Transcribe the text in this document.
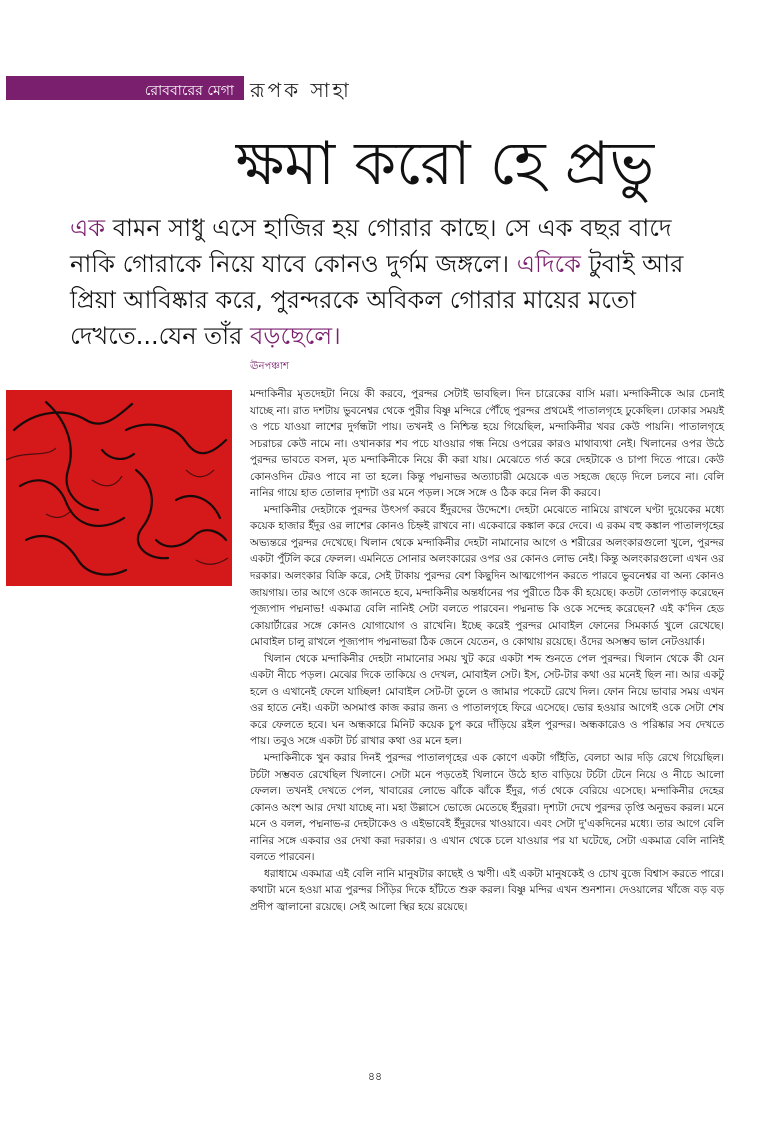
রোববারের মেগা রূপক সাহা
ক্ষমা করো হে প্রভু
এক বামন সাধু এসে হাজির হয় গোরার কাছে। সে এক বছর বাদে নাকি গোরাকে নিয়ে যাবে কোনও দুর্গম জঙ্গলে। এদিকে টুবাই আর প্রিয়া আবিষ্কার করে, পুরন্দরকে অবিকল গোরার মায়ের মতো দেখতে...যেন তাঁর বড়ছেলে।
ঊনপঞ্চাশ

মন্দাকিনীর মৃতদেহটা নিয়ে কী করবে, পুরন্দর সেটাই ভাবছিল। দিন চারেকের বাসি মরা। মন্দাকিনীকে আর চেনাই যাচ্ছে না। রাত দশটায় ভুবনেশ্বর থেকে পুরীর বিষ্ণু মন্দিরে পৌঁছে পুরন্দর প্রথমেই পাতালগৃহে ঢুকেছিল। ঢোকার সময়ই ও পচে যাওয়া লাশের দুর্গন্ধটা পায়। তখনই ও নিশ্চিন্ত হয়ে গিয়েছিল, মন্দাকিনীর খবর কেউ পায়নি। পাতালগৃহে সচরাচর কেউ নামে না। ওখানকার শব পচে যাওয়ার গন্ধ নিয়ে ওপরের কারও মাথাব্যথা নেই। খিলানের ওপর উঠে পুরন্দর ভাবতে বসল, মৃত মন্দাকিনীকে নিয়ে কী করা যায়। মেঝেতে গর্ত করে দেহটাকে ও চাপা দিতে পারে। কেউ কোনওদিন টেরও পাবে না তা হলে। কিন্তু পদ্মনাভর অত্যাচারী মেয়েকে এত সহজে ছেড়ে দিলে চলবে না। বেলি নানির গায়ে হাত তোলার দৃশ্যটা ওর মনে পড়ল। সঙ্গে সঙ্গে ও ঠিক করে নিল কী করবে।

মন্দাকিনীর দেহটাকে পুরন্দর উৎসর্গ করবে ইঁদুরদের উদ্দেশে। দেহটা মেঝেতে নামিয়ে রাখলে ঘণ্টা দুয়েকের মধ্যে কয়েক হাজার ইঁদুর ওর লাশের কোনও চিহ্নই রাখবে না। একেবারে কঙ্কাল করে দেবে। এ রকম বহু কঙ্কাল পাতালগৃহের অভ্যন্তরে পুরন্দর দেখেছে। খিলান থেকে মন্দাকিনীর দেহটা নামানোর আগে ও শরীরের অলংকারগুলো খুলে, পুরন্দর একটা পুঁটলি করে ফেলল। এমনিতে সোনার অলংকারের ওপর ওর কোনও লোভ নেই। কিন্তু অলংকারগুলো এখন ওর দরকার। অলংকার বিক্রি করে, সেই টাকায় পুরন্দর বেশ কিছুদিন আত্মগোপন করতে পারবে ভুবনেশ্বর বা অন্য কোনও জায়গায়। তার আগে ওকে জানতে হবে, মন্দাকিনীর অন্তর্ধানের পর পুরীতে ঠিক কী হয়েছে। কতটা তোলপাড় করেছেন পূজ্যপাদ পদ্মনাভ! একমাত্র বেলি নানিই সেটা বলতে পারবেন। পদ্মনাভ কি ওকে সন্দেহ করেছেন? এই ক'দিন হেড কোয়ার্টারের সঙ্গে কোনও যোগাযোগ ও রাখেনি। ইচ্ছে করেই পুরন্দর মোবাইল ফোনের সিমকার্ড খুলে রেখেছে। মোবাইল চালু রাখলে পূজ্যপাদ পদ্মনাভরা ঠিক জেনে যেতেন, ও কোথায় রয়েছে। ওঁদের অসম্ভব ভাল নেটওয়ার্ক।

খিলান থেকে মন্দাকিনীর দেহটা নামানোর সময় খুট করে একটা শব্দ শুনতে পেল পুরন্দর। খিলান থেকে কী যেন একটা নীচে পড়ল। মেঝের দিকে তাকিয়ে ও দেখল, মোবাইল সেট। ইস, সেট-টার কথা ওর মনেই ছিল না। আর একটু হলে ও এখানেই ফেলে যাচ্ছিল! মোবাইল সেট-টা তুলে ও জামার পকেটে রেখে দিল। ফোন নিয়ে ভাবার সময় এখন ওর হাতে নেই। একটা অসমাপ্ত কাজ করার জন্য ও পাতালগৃহে ফিরে এসেছে। ভোর হওয়ার আগেই ওকে সেটা শেষ করে ফেলতে হবে। ঘন অন্ধকারে মিনিট কয়েক চুপ করে দাঁড়িয়ে রইল পুরন্দর। অন্ধকারেও ও পরিষ্কার সব দেখতে পায়। তবুও সঙ্গে একটা টর্চ রাখার কথা ওর মনে হল।

মন্দাকিনীকে খুন করার দিনই পুরন্দর পাতালগৃহের এক কোণে একটা গাঁইতি, বেলচা আর দড়ি রেখে গিয়েছিল। টর্চটা সম্ভবত রেখেছিল খিলানে। সেটা মনে পড়তেই খিলানে উঠে হাত বাড়িয়ে টর্চটা টেনে নিয়ে ও নীচে আলো ফেলল। তখনই দেখতে পেল, খাবারের লোভে ঝাঁকে ঝাঁকে ইঁদুর, গর্ত থেকে বেরিয়ে এসেছে। মন্দাকিনীর দেহের কোনও অংশ আর দেখা যাচ্ছে না। মহা উল্লাসে ভোজে মেতেছে ইঁদুররা। দৃশ্যটা দেখে পুরন্দর তৃপ্তি অনুভব করল। মনে মনে ও বলল, পদ্মনাভ-র দেহটাকেও ও এইভাবেই ইঁদুরদের খাওয়াবে। এবং সেটা দু'একদিনের মধ্যে। তার আগে বেলি নানির সঙ্গে একবার ওর দেখা করা দরকার। ও এখান থেকে চলে যাওয়ার পর যা ঘটেছে, সেটা একমাত্র বেলি নানিই বলতে পারবেন।

ধরাধামে একমাত্র এই বেলি নানি মানুষটার কাছেই ও ঋণী। এই একটা মানুষকেই ও চোখ বুজে বিশ্বাস করতে পারে। কথাটা মনে হওয়া মাত্র পুরন্দর সিঁড়ির দিকে হাঁটতে শুরু করল। বিষ্ণু মন্দির এখন শুনশান। দেওয়ালের খাঁজে বড় বড় প্রদীপ জ্বালানো রয়েছে। সেই আলো স্থির হয়ে রয়েছে।

৪৪
